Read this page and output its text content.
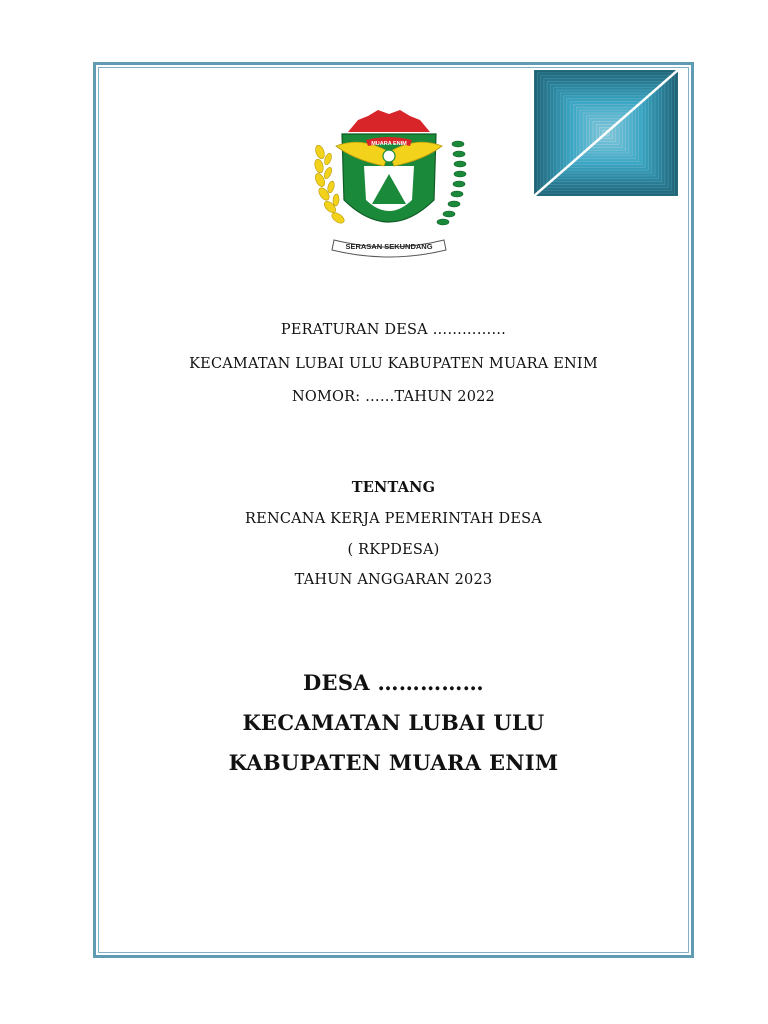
MUARA ENIM
SERASAN SEKUNDANG
PERATURAN DESA ……………
KECAMATAN LUBAI ULU KABUPATEN MUARA ENIM
NOMOR: ……TAHUN 2022
TENTANG
RENCANA KERJA PEMERINTAH DESA
( RKPDESA)
TAHUN ANGGARAN 2023
DESA ……………
KECAMATAN LUBAI ULU
KABUPATEN MUARA ENIM
